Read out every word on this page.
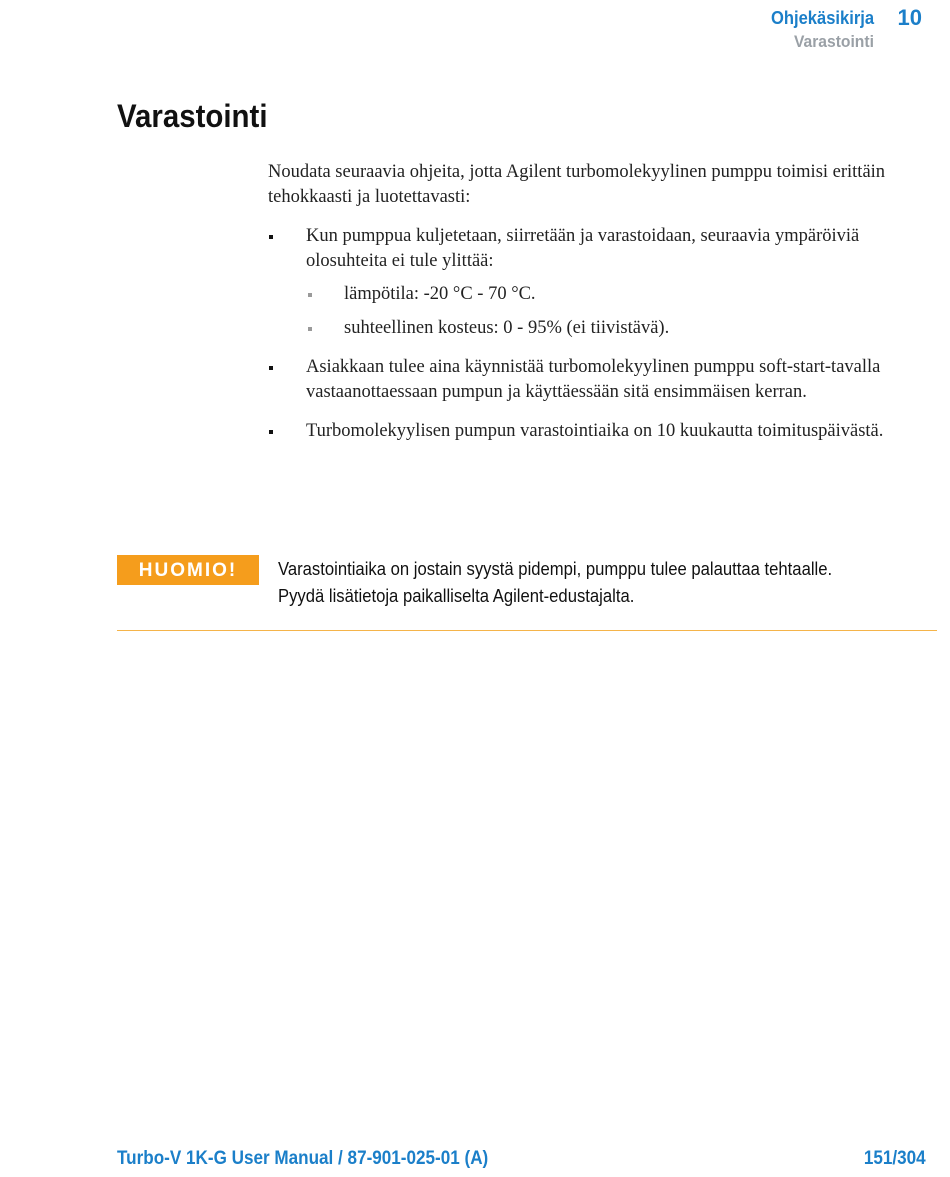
Ohjekäsikirja 10
Varastointi
Varastointi

Noudata seuraavia ohjeita, jotta Agilent turbomolekyylinen pumppu toimisi erittäin tehokkaasti ja luotettavasti:

Kun pumppua kuljetetaan, siirretään ja varastoidaan, seuraavia ympäröiviä olosuhteita ei tule ylittää:
lämpötila: -20 °C - 70 °C.
suhteellinen kosteus: 0 - 95% (ei tiivistävä).
Asiakkaan tulee aina käynnistää turbomolekyylinen pumppu soft-start-tavalla vastaanottaessaan pumpun ja käyttäessään sitä ensimmäisen kerran.
Turbomolekyylisen pumpun varastointiaika on 10 kuukautta toimituspäivästä.
HUOMIO!	Varastointiaika on jostain syystä pidempi, pumppu tulee palauttaa tehtaalle.
Pyydä lisätietoja paikalliselta Agilent-edustajalta.
Turbo-V 1K-G User Manual / 87-901-025-01 (A)	151/304
